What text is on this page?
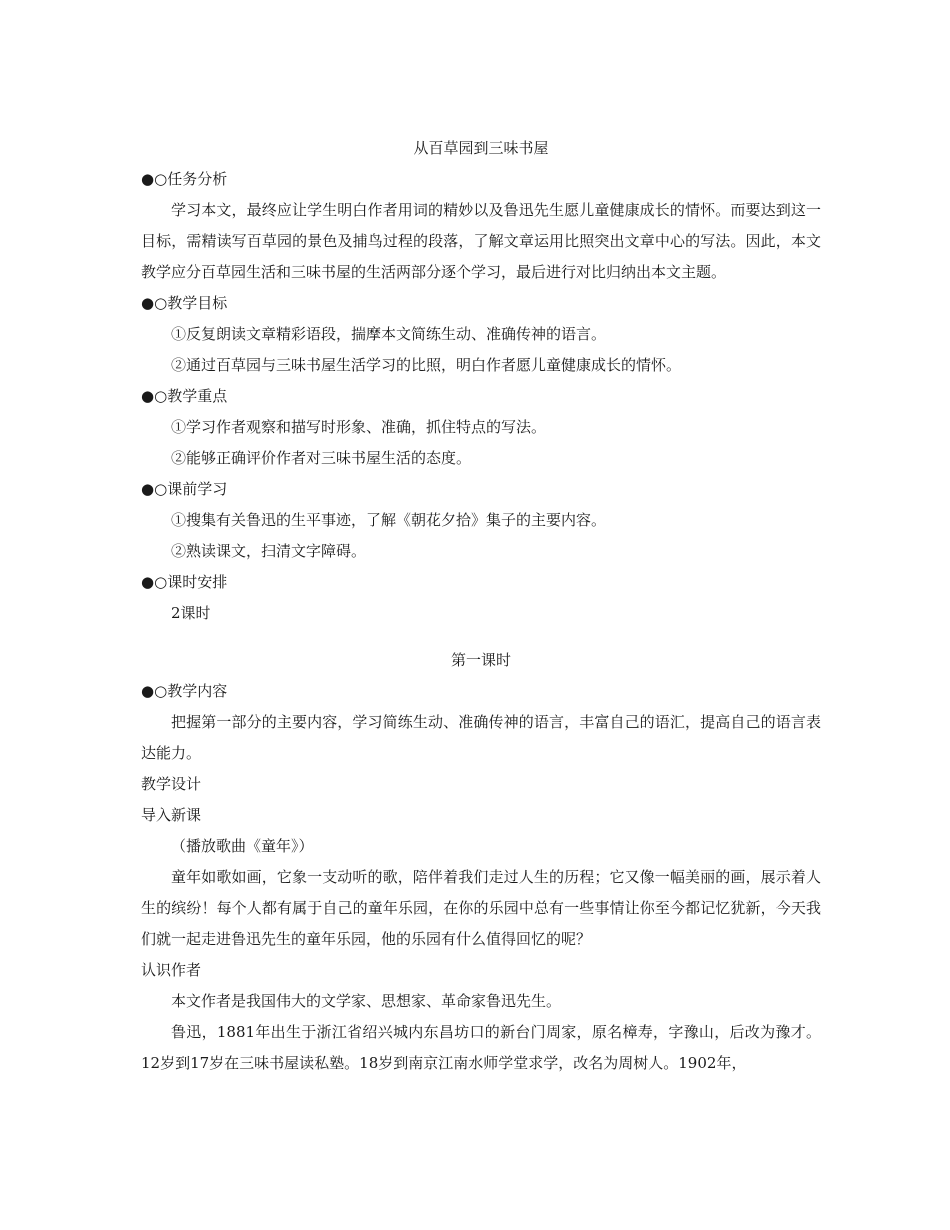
从百草园到三味书屋
●○任务分析

学习本文，最终应让学生明白作者用词的精妙以及鲁迅先生愿儿童健康成长的情怀。而要达到这一目标，需精读写百草园的景色及捕鸟过程的段落，了解文章运用比照突出文章中心的写法。因此，本文教学应分百草园生活和三味书屋的生活两部分逐个学习，最后进行对比归纳出本文主题。

●○教学目标
①反复朗读文章精彩语段，揣摩本文简练生动、准确传神的语言。
②通过百草园与三味书屋生活学习的比照，明白作者愿儿童健康成长的情怀。
●○教学重点
①学习作者观察和描写时形象、准确，抓住特点的写法。
②能够正确评价作者对三味书屋生活的态度。
●○课前学习
①搜集有关鲁迅的生平事迹，了解《朝花夕拾》集子的主要内容。
②熟读课文，扫清文字障碍。
●○课时安排
2课时
第一课时
●○教学内容

把握第一部分的主要内容，学习简练生动、准确传神的语言，丰富自己的语汇，提高自己的语言表达能力。

教学设计
导入新课
（播放歌曲《童年》）

童年如歌如画，它象一支动听的歌，陪伴着我们走过人生的历程；它又像一幅美丽的画，展示着人生的缤纷！每个人都有属于自己的童年乐园，在你的乐园中总有一些事情让你至今都记忆犹新，今天我们就一起走进鲁迅先生的童年乐园，他的乐园有什么值得回忆的呢？

认识作者
本文作者是我国伟大的文学家、思想家、革命家鲁迅先生。

鲁迅，1881年出生于浙江省绍兴城内东昌坊口的新台门周家，原名樟寿，字豫山，后改为豫才。12岁到17岁在三味书屋读私塾。18岁到南京江南水师学堂求学，改名为周树人。1902年，
